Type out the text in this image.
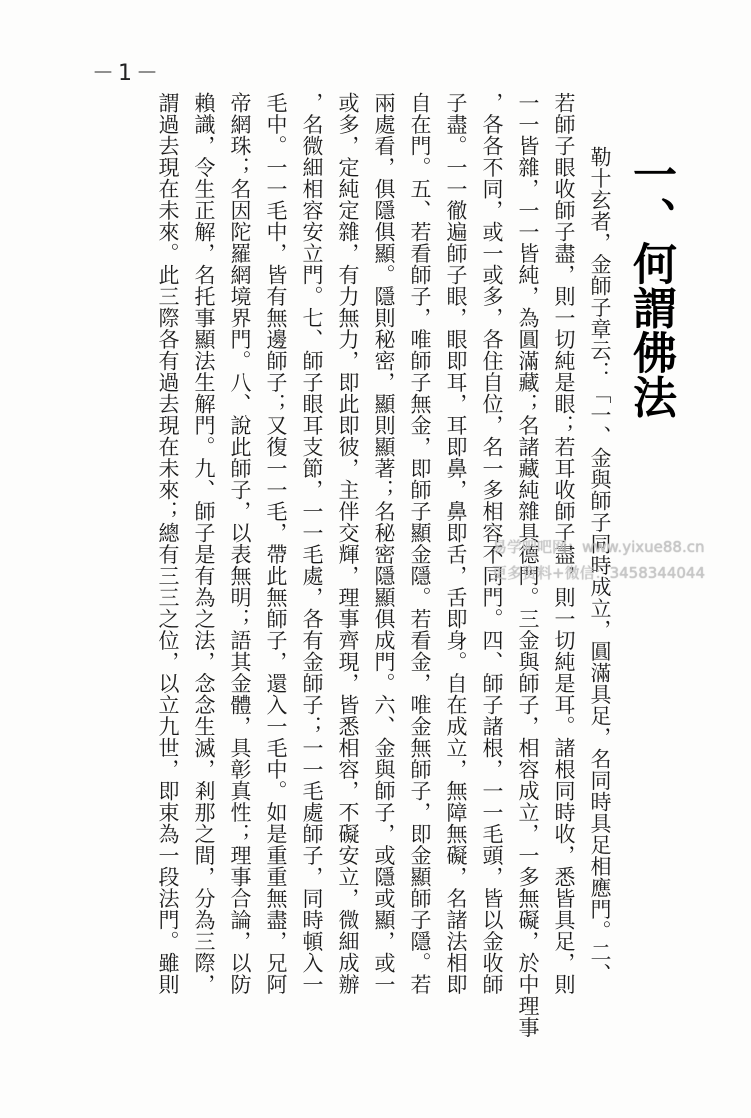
－1－
一、何謂佛法
勒十玄者，金師子章云：「一、金與師子同時成立，圓滿具足，名同時具足相應門。二、
若師子眼收師子盡，則一切純是眼；若耳收師子盡，則一切純是耳。諸根同時收，悉皆具足，則
一一皆雜，一一皆純，為圓滿藏；名諸藏純雜具德門。三金與師子，相容成立，一多無礙，於中理事
，各各不同，或一或多，各住自位，名一多相容不同門。四、師子諸根，一一毛頭，皆以金收師
子盡。一一徹遍師子眼，眼即耳，耳即鼻，鼻即舌，舌即身。自在成立，無障無礙，名諸法相即
自在門。五、若看師子，唯師子無金，即師子顯金隱。若看金，唯金無師子，即金顯師子隱。若
兩處看，俱隱俱顯。隱則秘密，顯則顯著；名秘密隱顯俱成門。六、金與師子，或隱或顯，或一
或多，定純定雜，有力無力，即此即彼，主伴交輝，理事齊現，皆悉相容，不礙安立，微細成辦
，名微細相容安立門。七、師子眼耳支節，一一毛處，各有金師子；一一毛處師子，同時頓入一
毛中。一一毛中，皆有無邊師子；又復一一毛，帶此無師子，還入一毛中。如是重重無盡，兄阿
帝網珠；名因陀羅網境界門。八、說此師子，以表無明；語其金體，具彰真性；理事合論，以防
賴識，令生正解，名托事顯法生解門。九、師子是有為之法，念念生滅，剎那之間，分為三際，
謂過去現在未來。此三際各有過去現在未來；總有三三之位，以立九世，即束為一段法門。雖則	易学吧吧网：www.yixue88.cn
更多资料+微信：3458344044
